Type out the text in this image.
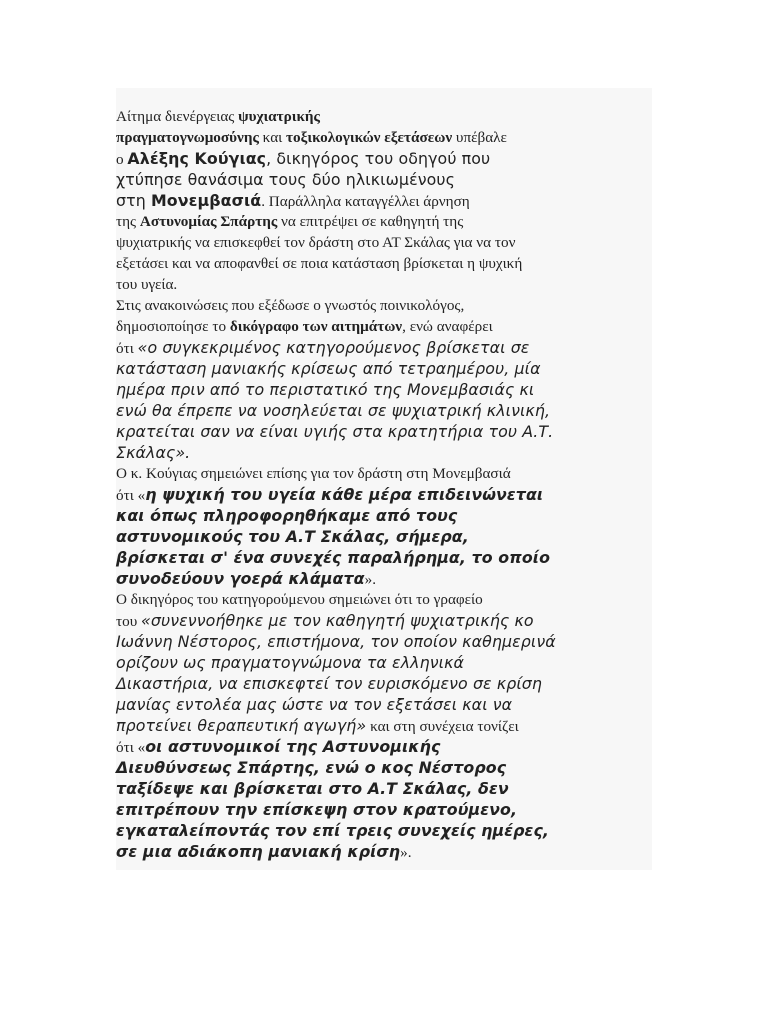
Αίτημα διενέργειας ψυχιατρικής
πραγματογνωμοσύνης και τοξικολογικών εξετάσεων υπέβαλε
ο Αλέξης Κούγιας, δικηγόρος του οδηγού που
χτύπησε θανάσιμα τους δύο ηλικιωμένους
στη Μονεμβασιά. Παράλληλα καταγγέλλει άρνηση
της Αστυνομίας Σπάρτης να επιτρέψει σε καθηγητή της
ψυχιατρικής να επισκεφθεί τον δράστη στο ΑΤ Σκάλας για να τον
εξετάσει και να αποφανθεί σε ποια κατάσταση βρίσκεται η ψυχική
του υγεία.
Στις ανακοινώσεις που εξέδωσε ο γνωστός ποινικολόγος,
δημοσιοποίησε το δικόγραφο των αιτημάτων, ενώ αναφέρει
ότι «ο συγκεκριμένος κατηγορούμενος βρίσκεται σε
κατάσταση μανιακής κρίσεως από τετραημέρου, μία
ημέρα πριν από το περιστατικό της Μονεμβασιάς κι
ενώ θα έπρεπε να νοσηλεύεται σε ψυχιατρική κλινική,
κρατείται σαν να είναι υγιής στα κρατητήρια του Α.Τ.
Σκάλας».
Ο κ. Κούγιας σημειώνει επίσης για τον δράστη στη Μονεμβασιά
ότι «η ψυχική του υγεία κάθε μέρα επιδεινώνεται
και όπως πληροφορηθήκαμε από τους
αστυνομικούς του Α.Τ Σκάλας, σήμερα,
βρίσκεται σ' ένα συνεχές παραλήρημα, το οποίο
συνοδεύουν γοερά κλάματα».
Ο δικηγόρος του κατηγορούμενου σημειώνει ότι το γραφείο
του «συνεννοήθηκε με τον καθηγητή ψυχιατρικής κο
Ιωάννη Νέστορος, επιστήμονα, τον οποίον καθημερινά
ορίζουν ως πραγματογνώμονα τα ελληνικά
Δικαστήρια, να επισκεφτεί τον ευρισκόμενο σε κρίση
μανίας εντολέα μας ώστε να τον εξετάσει και να
προτείνει θεραπευτική αγωγή» και στη συνέχεια τονίζει
ότι «οι αστυνομικοί της Αστυνομικής
Διευθύνσεως Σπάρτης, ενώ ο κος Νέστορος
ταξίδεψε και βρίσκεται στο Α.Τ Σκάλας, δεν
επιτρέπουν την επίσκεψη στον κρατούμενο,
εγκαταλείποντάς τον επί τρεις συνεχείς ημέρες,
σε μια αδιάκοπη μανιακή κρίση».
